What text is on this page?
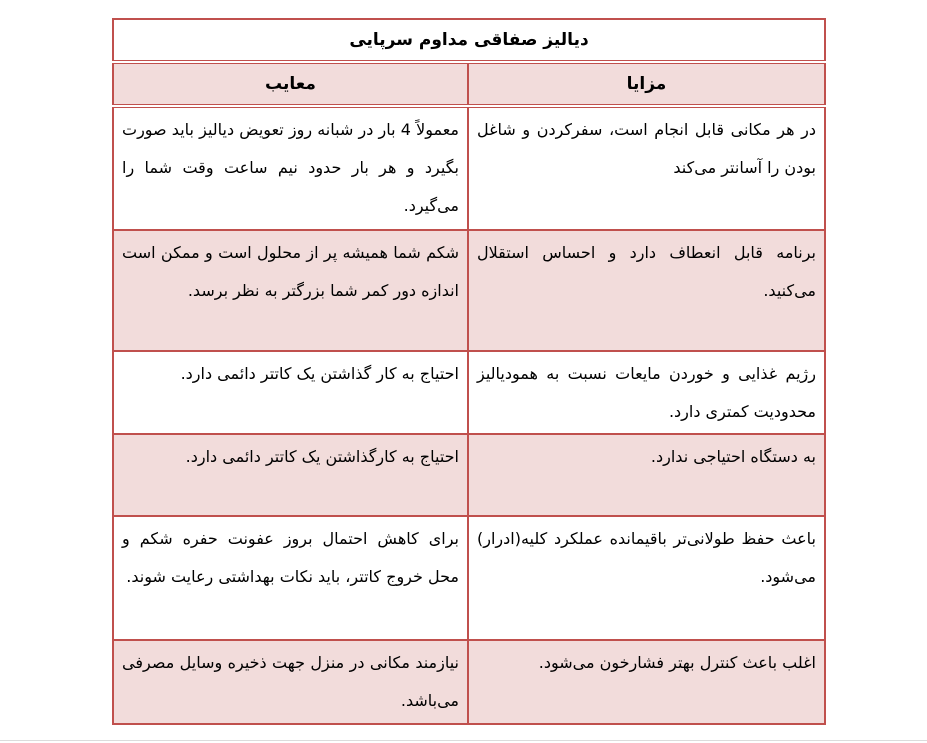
دیالیز صفاقی مداوم سرپایی	
مزایا	معایب
در هر مکانی قابل انجام است، سفرکردن و شاغل بودن را آسانتر می‌کند	معمولاً 4 بار در شبانه روز تعویض دیالیز باید صورت بگیرد و هر بار حدود نیم ساعت وقت شما را می‌گیرد.
برنامه قابل انعطاف دارد و احساس استقلال می‌کنید.	شکم شما همیشه پر از محلول است و ممکن است اندازه دور کمر شما بزرگتر به نظر برسد.
رژیم غذایی و خوردن مایعات نسبت به همودیالیز محدودیت کمتری دارد.	احتیاج به کار گذاشتن یک کاتتر دائمی دارد.
به دستگاه احتیاجی ندارد.	احتیاج به کارگذاشتن یک کاتتر دائمی دارد.
باعث حفظ طولانی‌تر باقیمانده عملکرد کلیه(ادرار) می‌شود.	برای کاهش احتمال بروز عفونت حفره شکم و محل خروج کاتتر، باید نکات بهداشتی رعایت شوند.
اغلب باعث کنترل بهتر فشارخون می‌شود.	نیازمند مکانی در منزل جهت ذخیره وسایل مصرفی می‌باشد.
